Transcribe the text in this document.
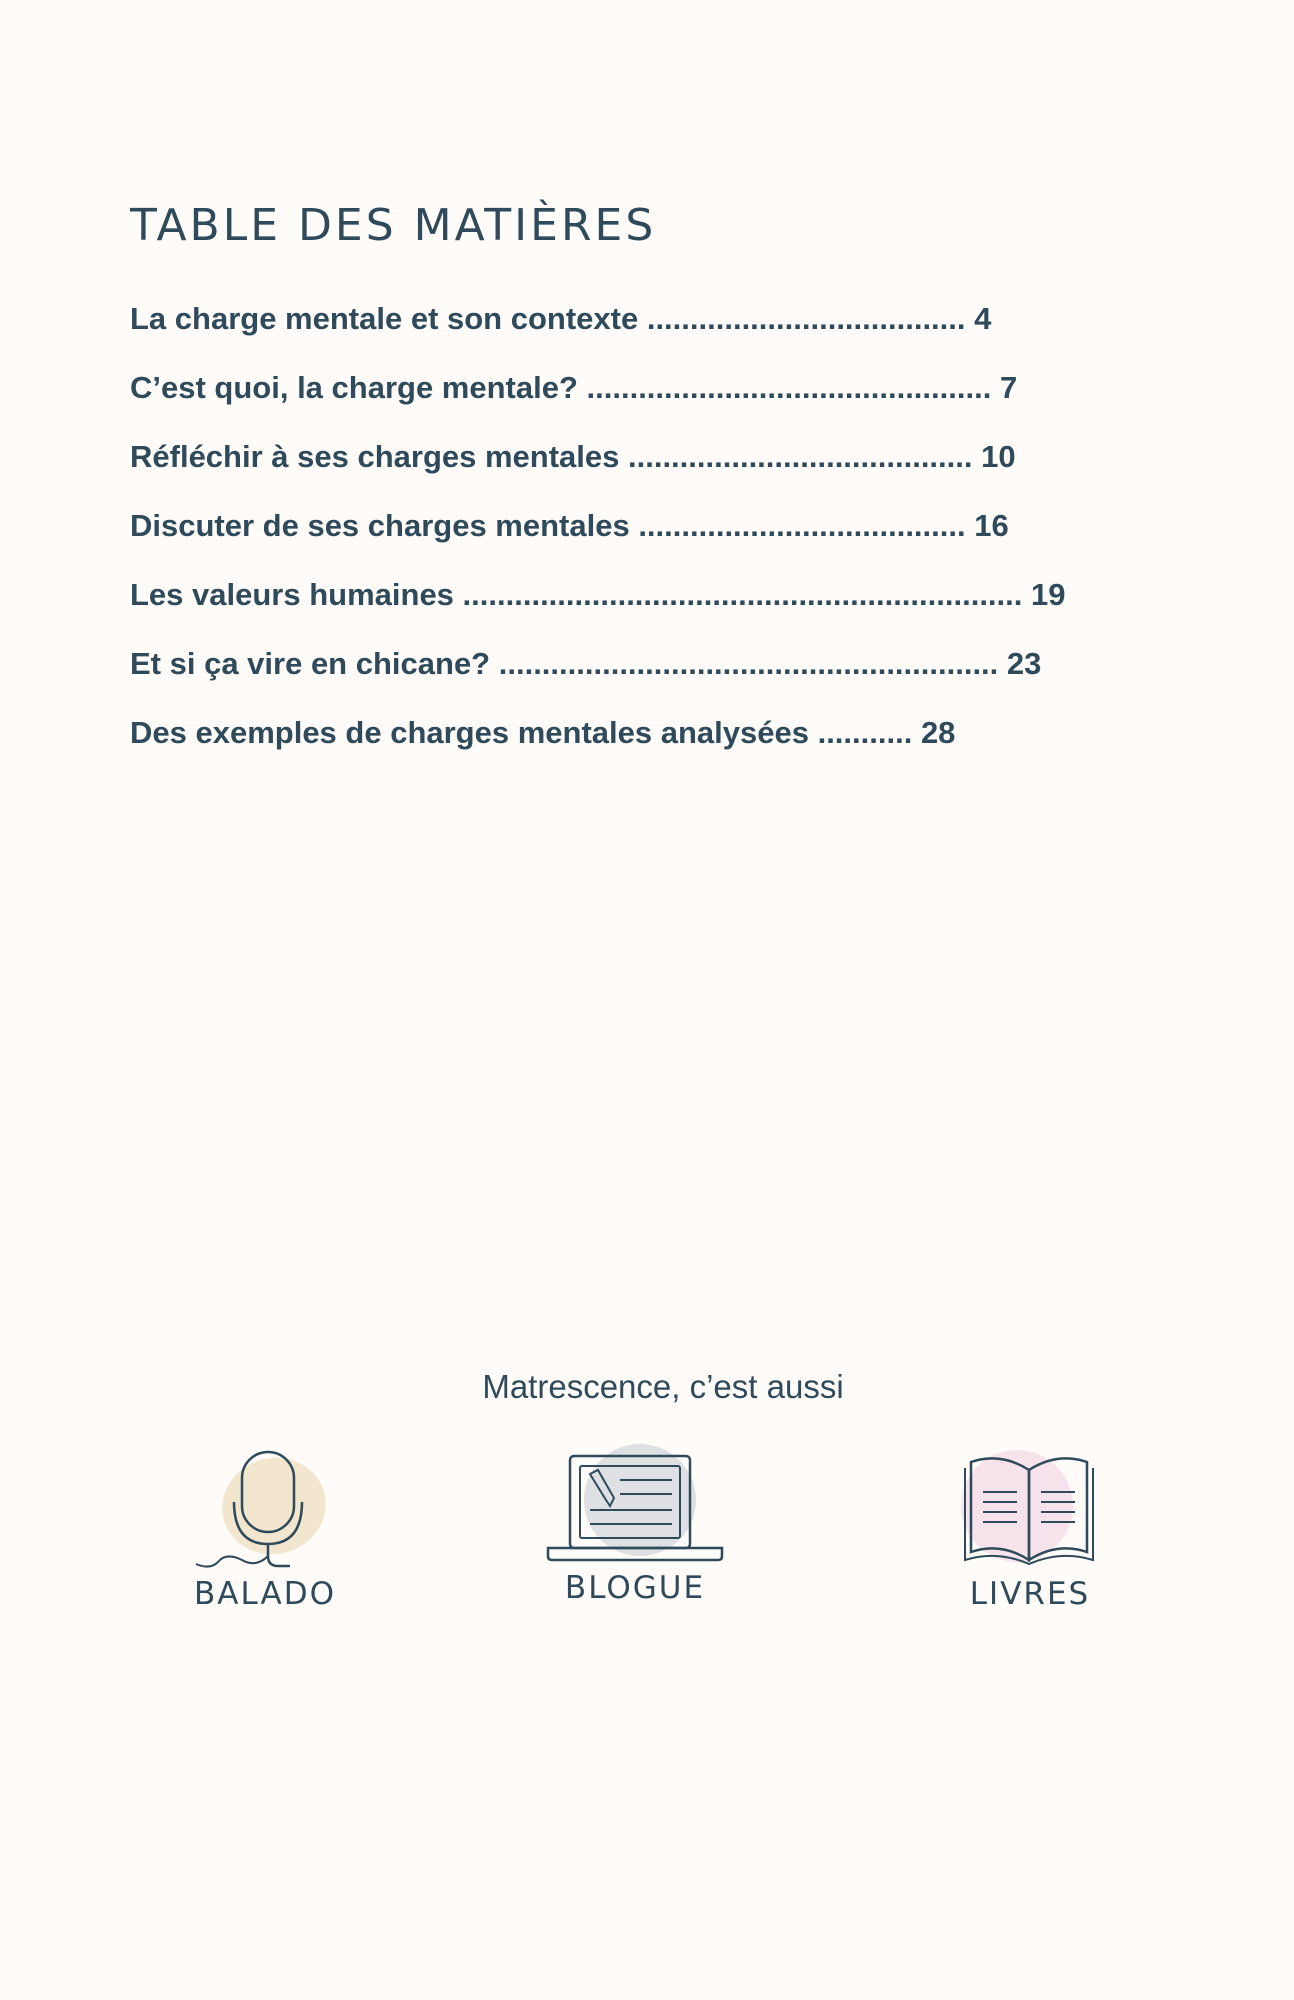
TABLE DES MATIÈRES
La charge mentale et son contexte ..................................... 4
C’est quoi, la charge mentale? ............................................... 7
Réfléchir à ses charges mentales ........................................ 10
Discuter de ses charges mentales ...................................... 16
Les valeurs humaines ................................................................. 19
Et si ça vire en chicane? .......................................................... 23
Des exemples de charges mentales analysées ........... 28
Matrescence, c’est aussi
BALADO	BLOGUE	LIVRES
